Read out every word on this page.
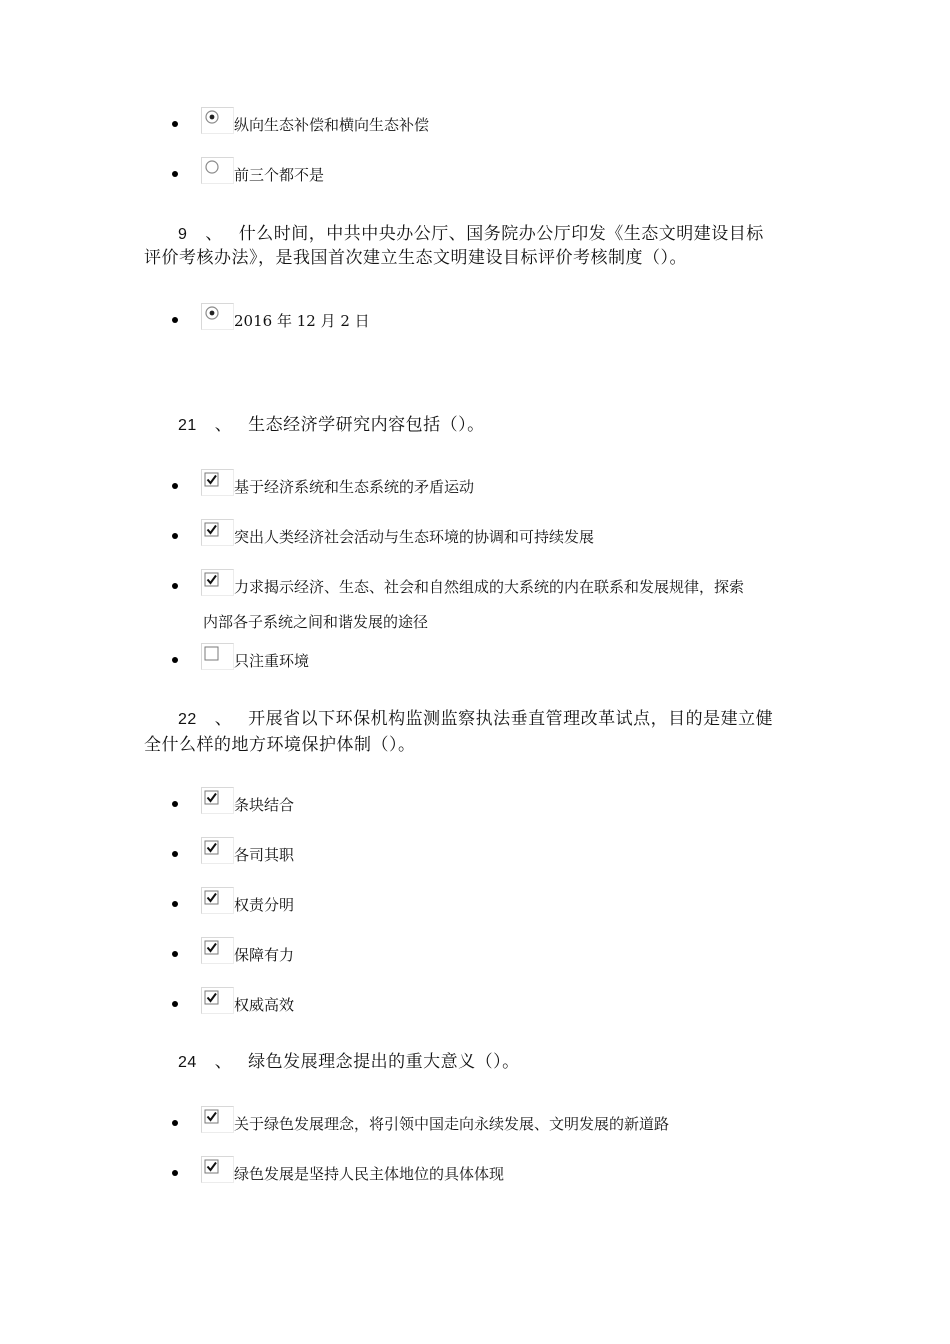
纵向生态补偿和横向生态补偿
前三个都不是
9 、 什么时间，中共中央办公厅、国务院办公厅印发《生态文明建设目标
评价考核办法》，是我国首次建立生态文明建设目标评价考核制度（）。
2016 年 12 月 2 日
21 、 生态经济学研究内容包括（）。
基于经济系统和生态系统的矛盾运动
突出人类经济社会活动与生态环境的协调和可持续发展
力求揭示经济、生态、社会和自然组成的大系统的内在联系和发展规律，探索
内部各子系统之间和谐发展的途径
只注重环境
22 、 开展省以下环保机构监测监察执法垂直管理改革试点，目的是建立健
全什么样的地方环境保护体制（）。
条块结合
各司其职
权责分明
保障有力
权威高效
24 、 绿色发展理念提出的重大意义（）。
关于绿色发展理念，将引领中国走向永续发展、文明发展的新道路
绿色发展是坚持人民主体地位的具体体现
